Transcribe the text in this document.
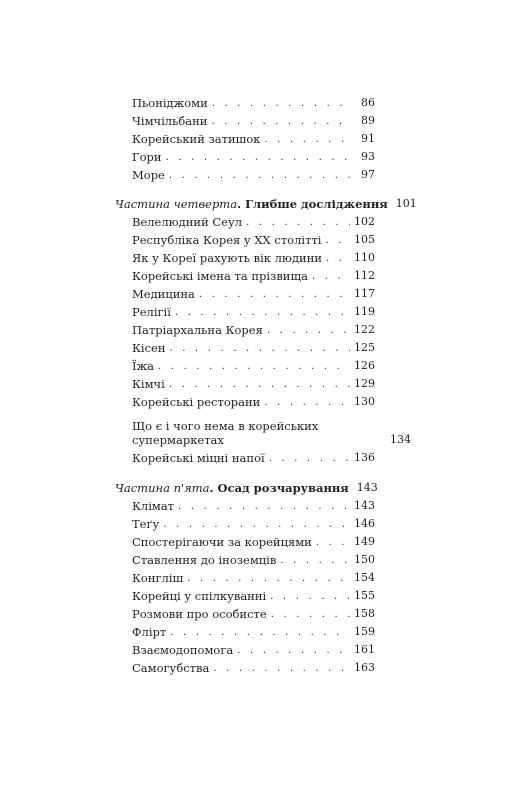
Пьоніджоми . . .	86
Чімчільбани . . .	89
Корейський затишок . . .	91
Гори . . .	93
Море . . .	97
Частина четверта. Глибше дослідження 101
Велелюдний Сеул . . .	102
Республіка Корея у XX столітті . . .	105
Як у Кореї рахують вік людини . . .	110
Корейські імена та прізвища . . .	112
Медицина . . .	117
Релігії . . .	119
Патріархальна Корея . . .	122
Кісен . . .	125
Їжа . . .	126
Кімчі . . .	129
Корейські ресторани . . .	130
Що є і чого нема в корейських супермаркетах	134
Корейські міцні напої . . .	136
Частина п'ята. Осад розчарування 143
Клімат . . .	143
Теґу . . .	146
Спостерігаючи за корейцями . . .	149
Ставлення до іноземців . . .	150
Конгліш . . .	154
Корейці у спілкуванні . . .	155
Розмови про особисте . . .	158
Флірт . . .	159
Взаємодопомога . . .	161
Самогубства . . .	163
